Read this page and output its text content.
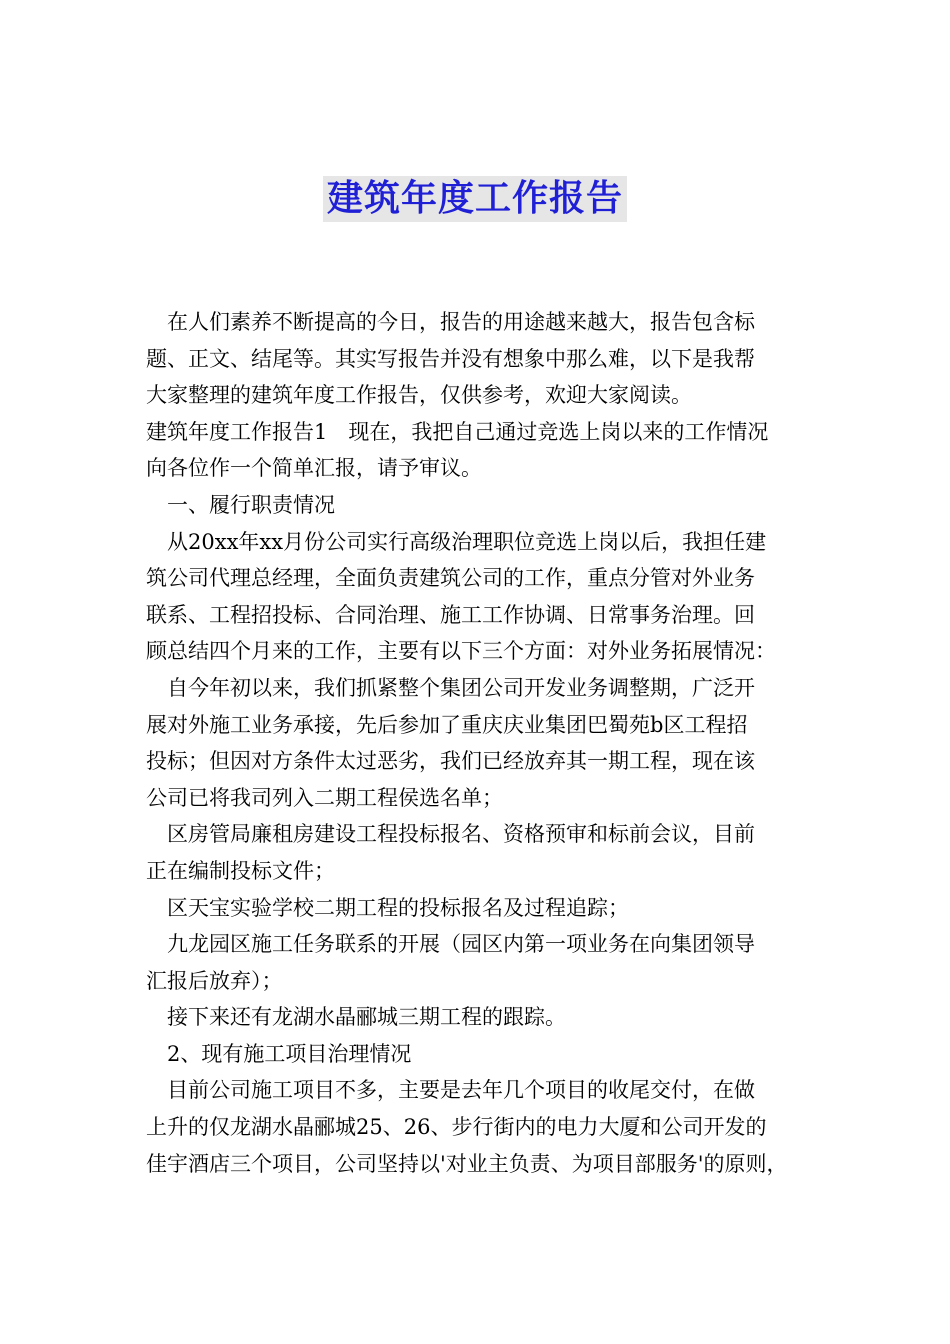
建筑年度工作报告
　在人们素养不断提高的今日，报告的用途越来越大，报告包含标
题、正文、结尾等。其实写报告并没有想象中那么难，以下是我帮
大家整理的建筑年度工作报告，仅供参考，欢迎大家阅读。
建筑年度工作报告1　现在，我把自己通过竞选上岗以来的工作情况
向各位作一个简单汇报，请予审议。
　一、履行职责情况
　从20xx年xx月份公司实行高级治理职位竞选上岗以后，我担任建
筑公司代理总经理，全面负责建筑公司的工作，重点分管对外业务
联系、工程招投标、合同治理、施工工作协调、日常事务治理。回
顾总结四个月来的工作，主要有以下三个方面：对外业务拓展情况：
　自今年初以来，我们抓紧整个集团公司开发业务调整期，广泛开
展对外施工业务承接，先后参加了重庆庆业集团巴蜀苑b区工程招
投标；但因对方条件太过恶劣，我们已经放弃其一期工程，现在该
公司已将我司列入二期工程侯选名单；
　区房管局廉租房建设工程投标报名、资格预审和标前会议，目前
正在编制投标文件；
　区天宝实验学校二期工程的投标报名及过程追踪；
　九龙园区施工任务联系的开展（园区内第一项业务在向集团领导
汇报后放弃）；
　接下来还有龙湖水晶郦城三期工程的跟踪。
　2、现有施工项目治理情况
　目前公司施工项目不多，主要是去年几个项目的收尾交付，在做
上升的仅龙湖水晶郦城25、26、步行街内的电力大厦和公司开发的
佳宇酒店三个项目，公司坚持以'对业主负责、为项目部服务'的原则，
